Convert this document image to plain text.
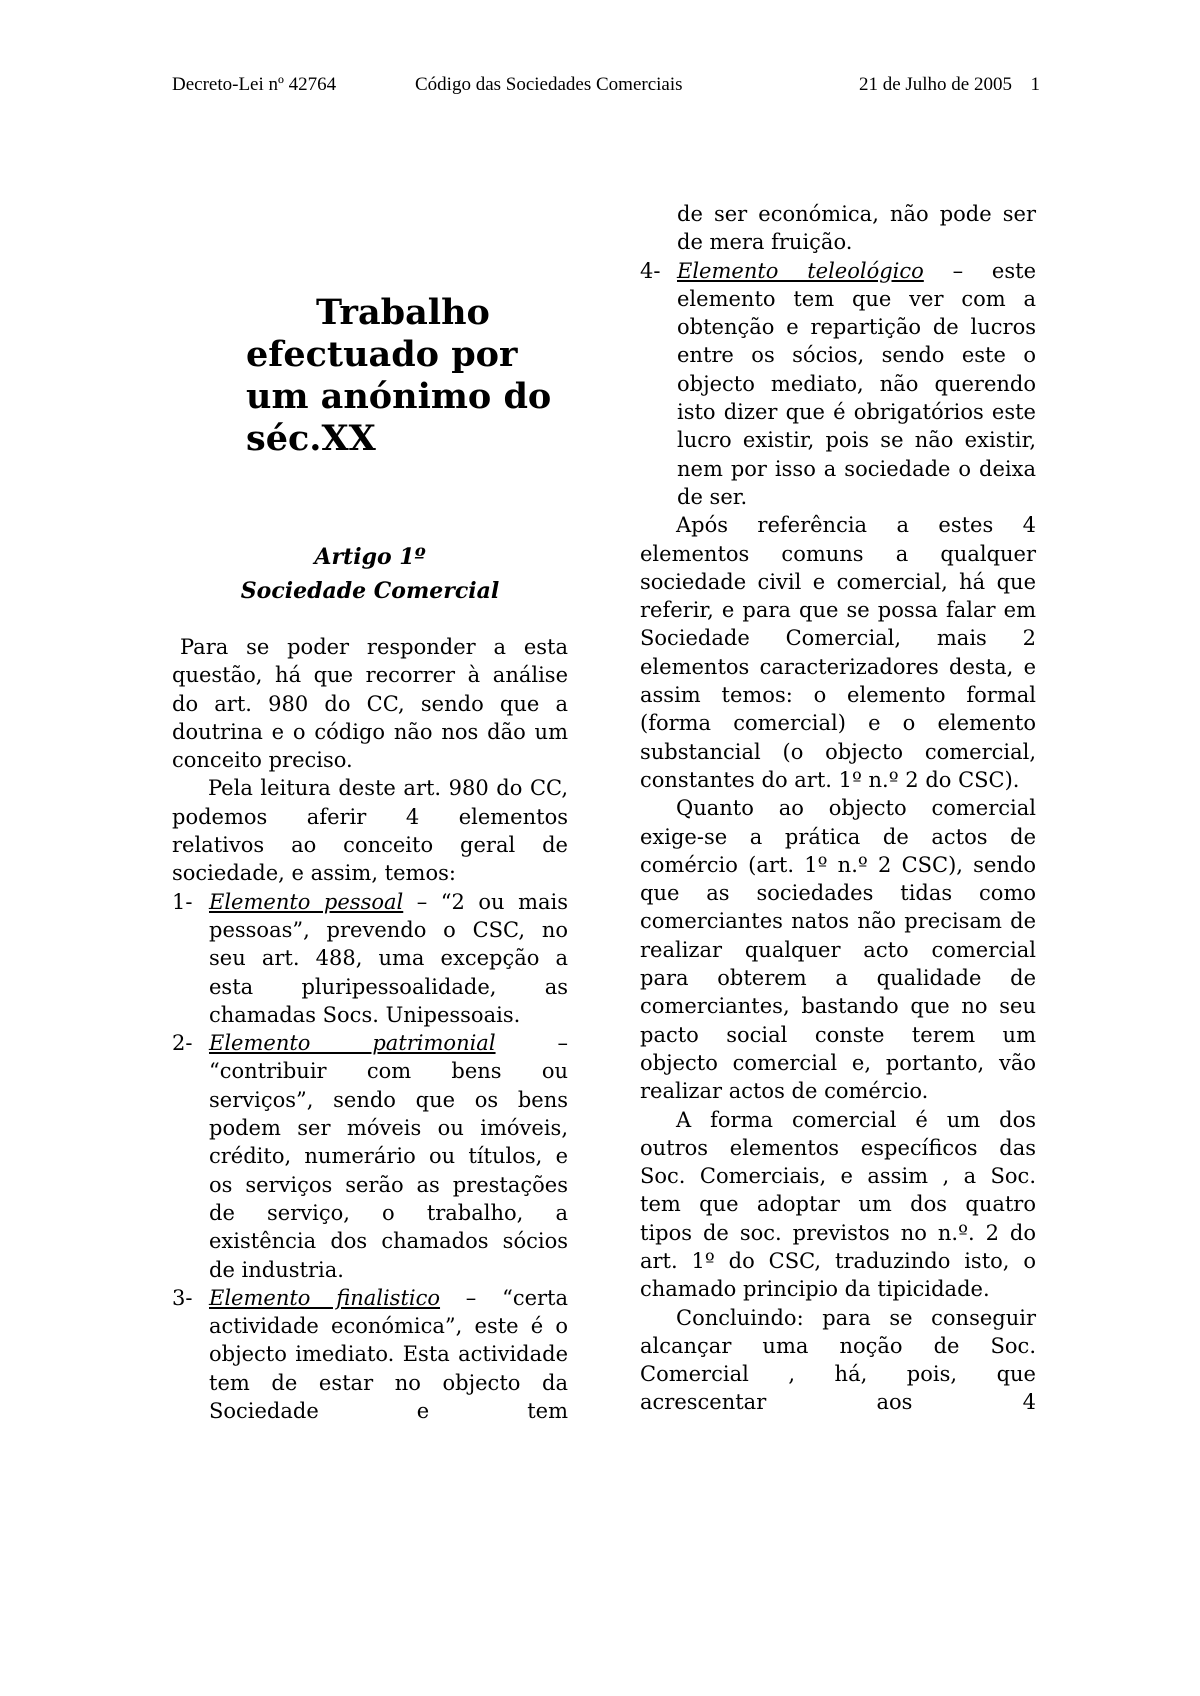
Decreto-Lei nº 42764	Código das Sociedades Comerciais	21 de Julho de 2005 1
Trabalho
efectuado por
um anónimo do
séc.XX
Artigo 1º
Sociedade Comercial

Para se poder responder a esta questão, há que recorrer à análise do art. 980 do CC, sendo que a doutrina e o código não nos dão um conceito preciso.

Pela leitura deste art. 980 do CC, podemos aferir 4 elementos relativos ao conceito geral de sociedade, e assim, temos:

1- Elemento pessoal – “2 ou mais pessoas”, prevendo o CSC, no seu art. 488, uma excepção a esta pluripessoalidade, as chamadas Socs. Unipessoais.

2- Elemento patrimonial – “contribuir com bens ou serviços”, sendo que os bens podem ser móveis ou imóveis, crédito, numerário ou títulos, e os serviços serão as prestações de serviço, o trabalho, a existência dos chamados sócios de industria.

3- Elemento finalistico – “certa actividade económica”, este é o objecto imediato. Esta actividade tem de estar no objecto da Sociedade e tem

de ser económica, não pode ser de mera fruição.

4- Elemento teleológico – este elemento tem que ver com a obtenção e repartição de lucros entre os sócios, sendo este o objecto mediato, não querendo isto dizer que é obrigatórios este lucro existir, pois se não existir, nem por isso a sociedade o deixa de ser.

Após referência a estes 4 elementos comuns a qualquer sociedade civil e comercial, há que referir, e para que se possa falar em Sociedade Comercial, mais 2 elementos caracterizadores desta, e assim temos: o elemento formal (forma comercial) e o elemento substancial (o objecto comercial, constantes do art. 1º n.º 2 do CSC).

Quanto ao objecto comercial exige-se a prática de actos de comércio (art. 1º n.º 2 CSC), sendo que as sociedades tidas como comerciantes natos não precisam de realizar qualquer acto comercial para obterem a qualidade de comerciantes, bastando que no seu pacto social conste terem um objecto comercial e, portanto, vão realizar actos de comércio.

A forma comercial é um dos outros elementos específicos das Soc. Comerciais, e assim , a Soc. tem que adoptar um dos quatro tipos de soc. previstos no n.º. 2 do art. 1º do CSC, traduzindo isto, o chamado principio da tipicidade.

Concluindo: para se conseguir alcançar uma noção de Soc. Comercial , há, pois, que acrescentar aos 4
